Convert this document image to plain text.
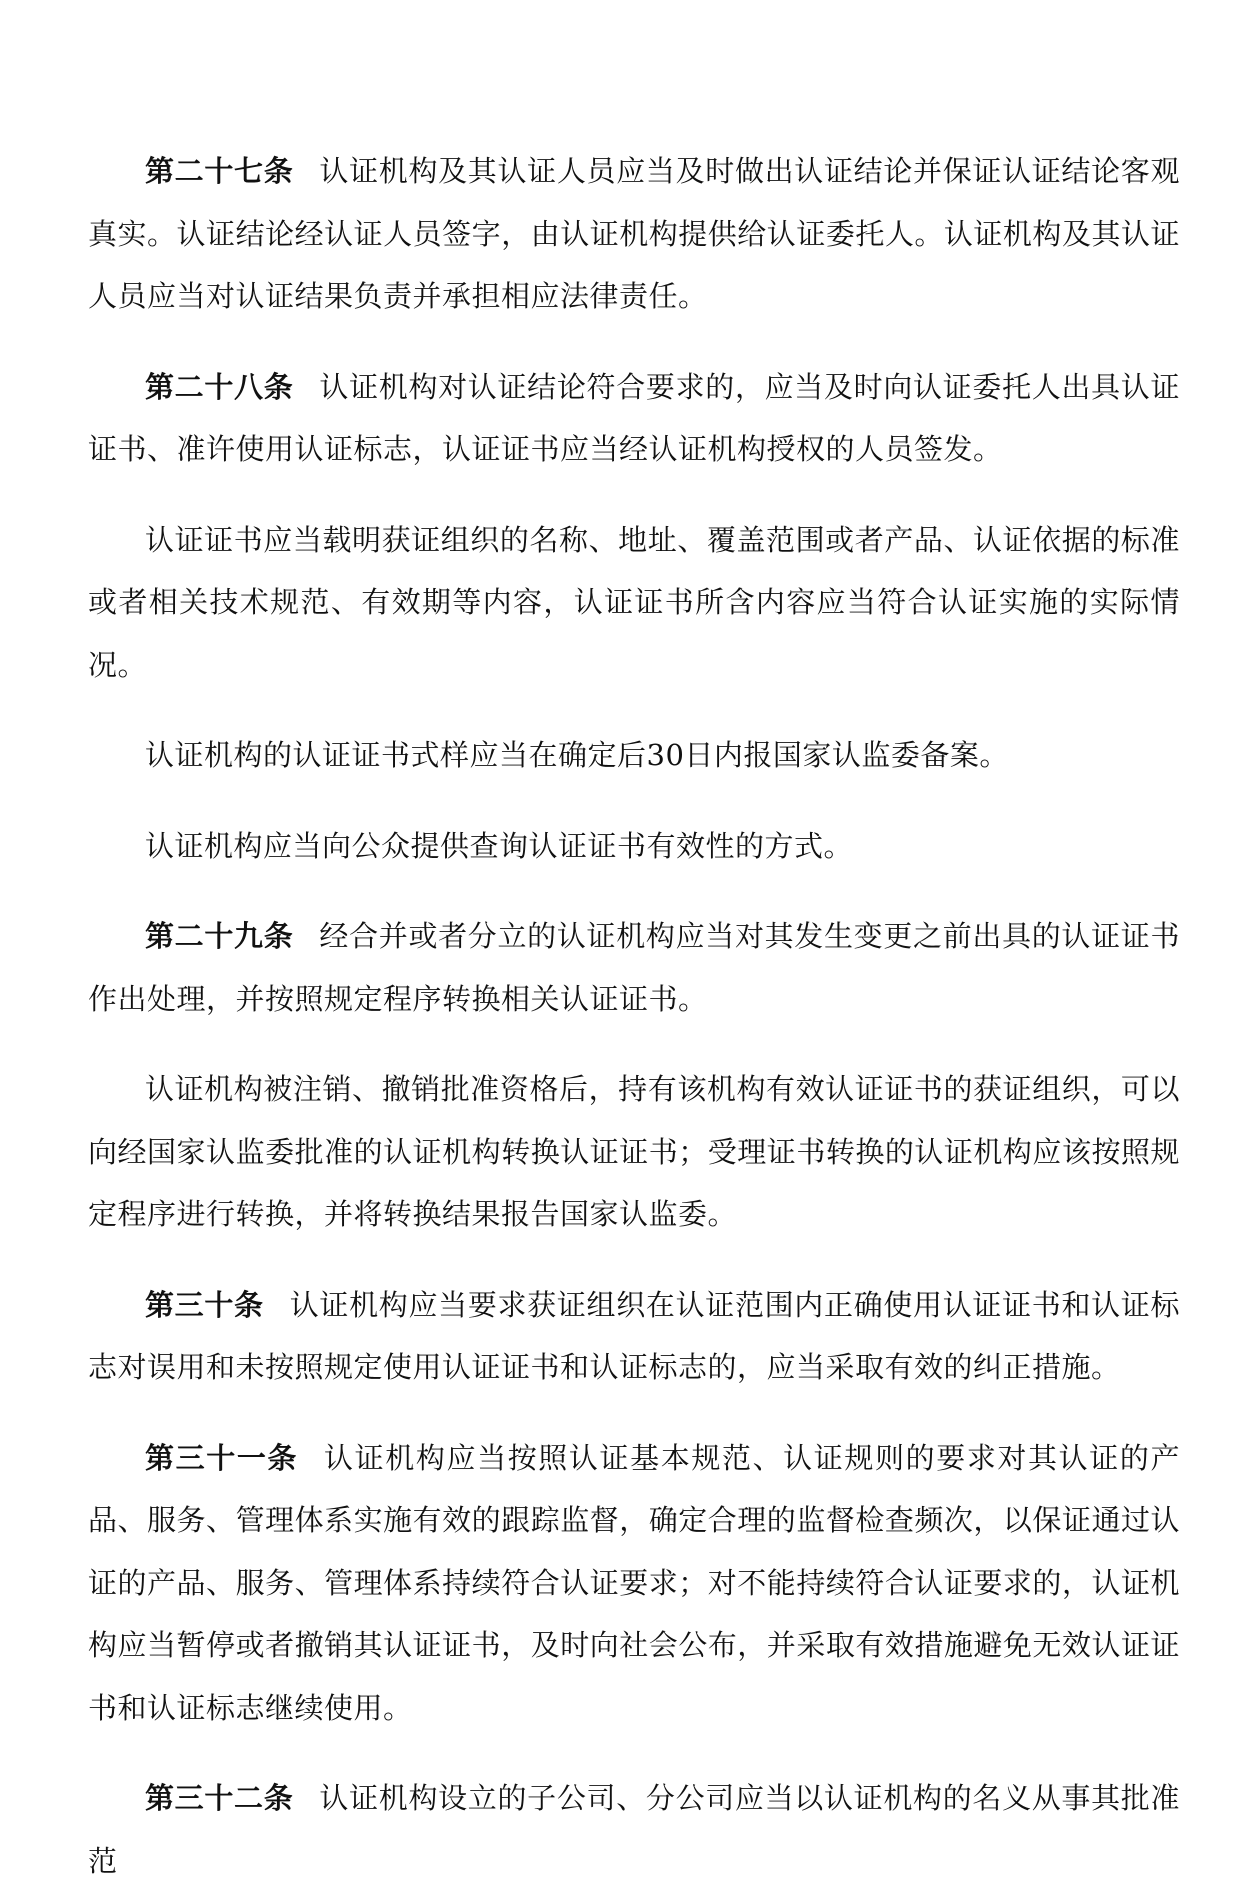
第二十七条 认证机构及其认证人员应当及时做出认证结论并保证认证结论客观真实。认证结论经认证人员签字，由认证机构提供给认证委托人。认证机构及其认证人员应当对认证结果负责并承担相应法律责任。

第二十八条 认证机构对认证结论符合要求的，应当及时向认证委托人出具认证证书、准许使用认证标志，认证证书应当经认证机构授权的人员签发。

认证证书应当载明获证组织的名称、地址、覆盖范围或者产品、认证依据的标准或者相关技术规范、有效期等内容，认证证书所含内容应当符合认证实施的实际情况。

认证机构的认证证书式样应当在确定后30日内报国家认监委备案。

认证机构应当向公众提供查询认证证书有效性的方式。

第二十九条 经合并或者分立的认证机构应当对其发生变更之前出具的认证证书作出处理，并按照规定程序转换相关认证证书。

认证机构被注销、撤销批准资格后，持有该机构有效认证证书的获证组织，可以向经国家认监委批准的认证机构转换认证证书；受理证书转换的认证机构应该按照规定程序进行转换，并将转换结果报告国家认监委。

第三十条 认证机构应当要求获证组织在认证范围内正确使用认证证书和认证标志对误用和未按照规定使用认证证书和认证标志的，应当采取有效的纠正措施。

第三十一条 认证机构应当按照认证基本规范、认证规则的要求对其认证的产品、服务、管理体系实施有效的跟踪监督，确定合理的监督检查频次，以保证通过认证的产品、服务、管理体系持续符合认证要求；对不能持续符合认证要求的，认证机构应当暂停或者撤销其认证证书，及时向社会公布，并采取有效措施避免无效认证证书和认证标志继续使用。

第三十二条 认证机构设立的子公司、分公司应当以认证机构的名义从事其批准范
